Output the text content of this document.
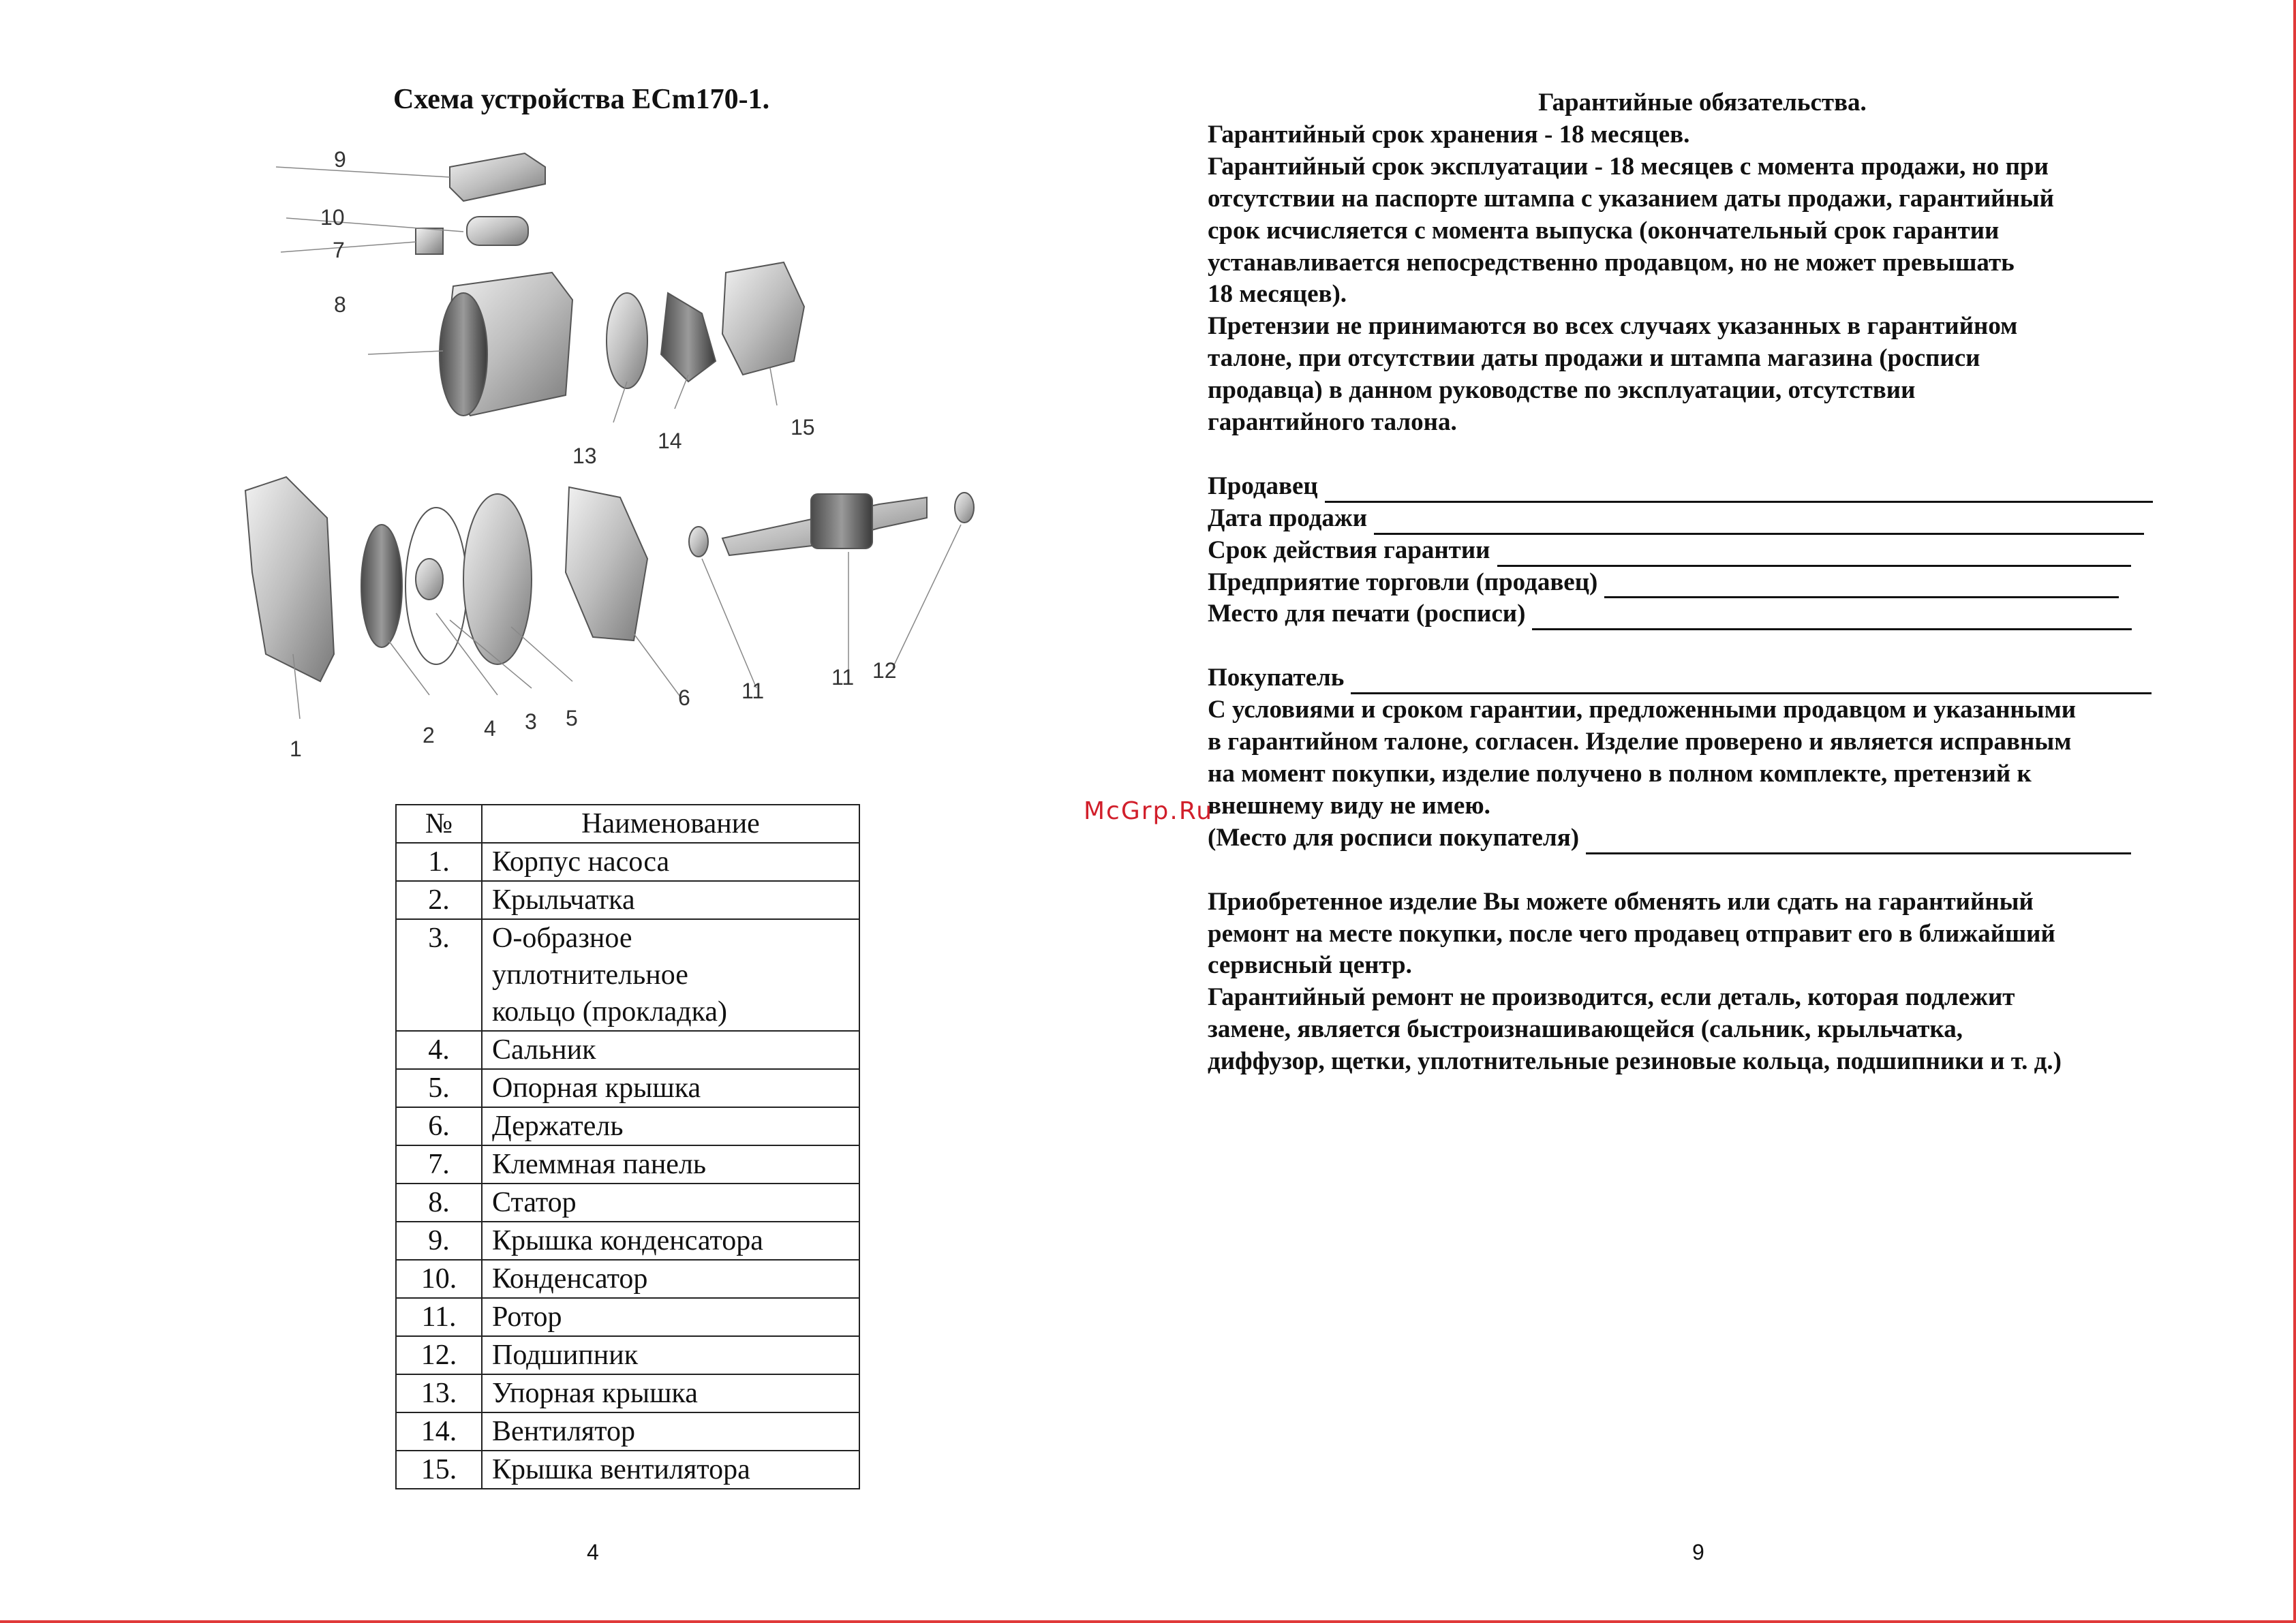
Схема устройства ECm170-1.
8
9
10
7
13
14
15
1
2 4 3 5
6 11
11 12
№	Наименование
1.	Корпус насоса
2.	Крыльчатка
3.	О-образное
уплотнительное
кольцо (прокладка)

4.	Сальник
5.	Опорная крышка
6.	Держатель
7.	Клеммная панель
8.	Статор
9.	Крышка конденсатора
10.	Конденсатор
11.	Ротор
12.	Подшипник
13.	Упорная крышка
14.	Вентилятор
15.	Крышка вентилятора
4
Гарантийные обязательства.
Гарантийный срок хранения - 18 месяцев.
Гарантийный срок эксплуатации - 18 месяцев с момента продажи, но при
отсутствии на паспорте штампа с указанием даты продажи, гарантийный
срок исчисляется с момента выпуска (окончательный срок гарантии
устанавливается непосредственно продавцом, но не может превышать
18 месяцев).
Претензии не принимаются во всех случаях указанных в гарантийном
талоне, при отсутствии даты продажи и штампа магазина (росписи
продавца) в данном руководстве по эксплуатации, отсутствии
гарантийного талона.
Продавец
Дата продажи
Срок действия гарантии
Предприятие торговли (продавец)
Место для печати (росписи)
Покупатель
С условиями и сроком гарантии, предложенными продавцом и указанными
в гарантийном талоне, согласен. Изделие проверено и является исправным
на момент покупки, изделие получено в полном комплекте, претензий к
внешнему виду не имею.
(Место для росписи покупателя)
Приобретенное изделие Вы можете обменять или сдать на гарантийный
ремонт на месте покупки, после чего продавец отправит его в ближайший
сервисный центр.
Гарантийный ремонт не производится, если деталь, которая подлежит
замене, является быстроизнашивающейся (сальник, крыльчатка,
диффузор, щетки, уплотнительные резиновые кольца, подшипники и т. д.)
McGrp.Ru
9
